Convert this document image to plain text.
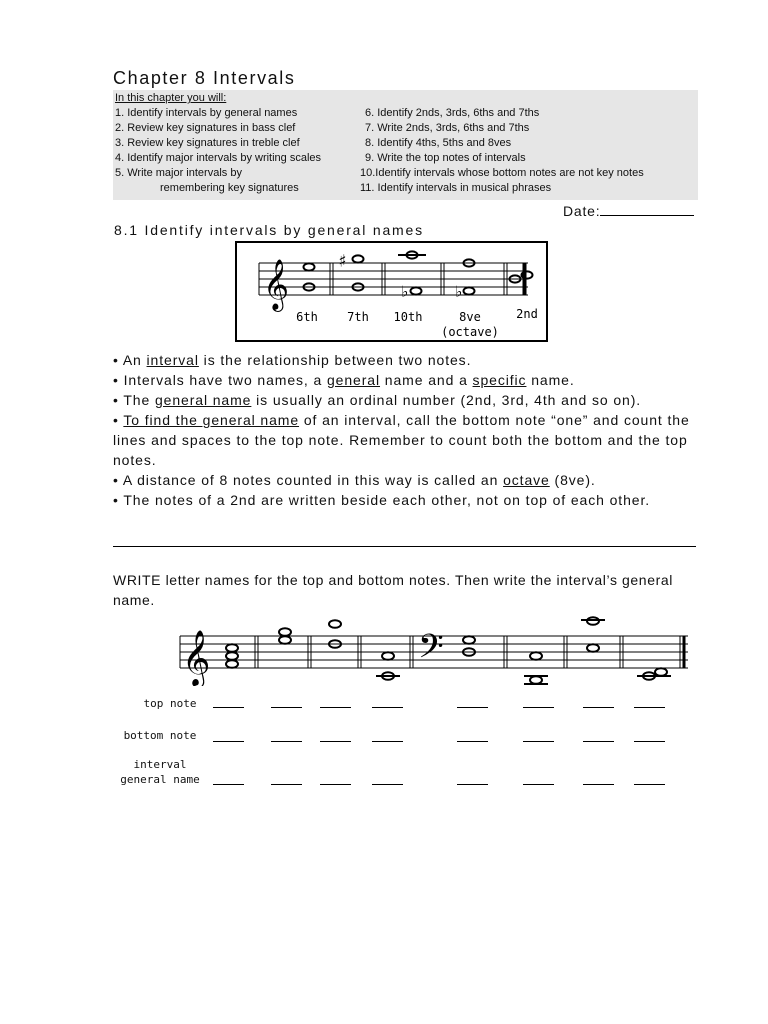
Chapter 8 Intervals
In this chapter you will:
1. Identify intervals by general names
2. Review key signatures in bass clef
3. Review key signatures in treble clef
4. Identify major intervals by writing scales
5. Write major intervals by
remembering key signatures
6. Identify 2nds, 3rds, 6ths and 7ths
7. Write 2nds, 3rds, 6ths and 7ths
8. Identify 4ths, 5ths and 8ves
9. Write the top notes of intervals
10.Identify intervals whose bottom notes are not key notes
11. Identify intervals in musical phrases
Date:
8.1 Identify intervals by general names
𝄞	♯
♭	♭
6th 7th 10th	8ve
(octave)
2nd

• An interval is the relationship between two notes.

• Intervals have two names, a general name and a specific name.

• The general name is usually an ordinal number (2nd, 3rd, 4th and so on).

• To find the general name of an interval, call the bottom note “one” and count the lines and spaces to the top note. Remember to count both the bottom and the top notes.

• A distance of 8 notes counted in this way is called an octave (8ve).

• The notes of a 2nd are written beside each other, not on top of each other.

WRITE letter names for the top and bottom notes. Then write the interval’s general name.
𝄞	𝄢
top note
bottom note
interval
general name
